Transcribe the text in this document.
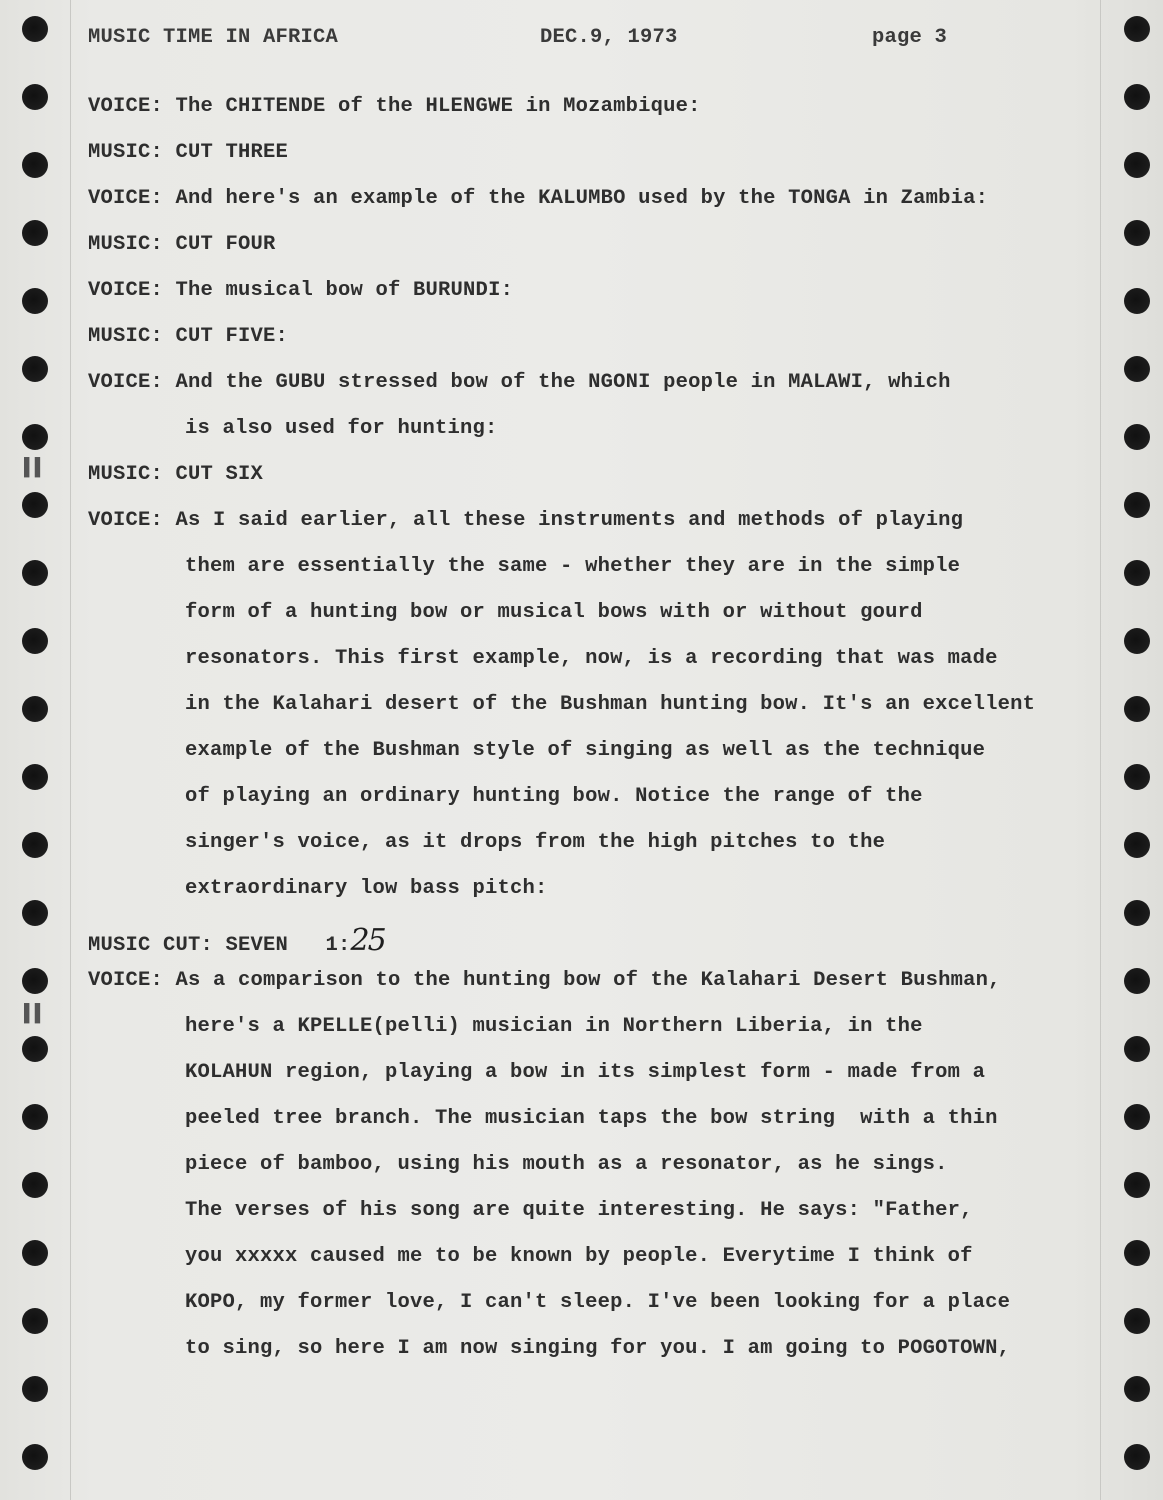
▌▌
▌▌
MUSIC TIME IN AFRICA	DEC.9, 1973	page 3
VOICE: The CHITENDE of the HLENGWE in Mozambique:
MUSIC: CUT THREE
VOICE: And here's an example of the KALUMBO used by the TONGA in Zambia:
MUSIC: CUT FOUR
VOICE: The musical bow of BURUNDI:
MUSIC: CUT FIVE:
VOICE: And the GUBU stressed bow of the NGONI people in MALAWI, which
is also used for hunting:
MUSIC: CUT SIX
VOICE: As I said earlier, all these instruments and methods of playing
them are essentially the same - whether they are in the simple
form of a hunting bow or musical bows with or without gourd
resonators. This first example, now, is a recording that was made
in the Kalahari desert of the Bushman hunting bow. It's an excellent
example of the Bushman style of singing as well as the technique
of playing an ordinary hunting bow. Notice the range of the
singer's voice, as it drops from the high pitches to the
extraordinary low bass pitch:
MUSIC CUT: SEVEN   1:25
VOICE: As a comparison to the hunting bow of the Kalahari Desert Bushman,
here's a KPELLE(pelli) musician in Northern Liberia, in the
KOLAHUN region, playing a bow in its simplest form - made from a
peeled tree branch. The musician taps the bow string  with a thin
piece of bamboo, using his mouth as a resonator, as he sings.
The verses of his song are quite interesting. He says: "Father,
you xxxxx caused me to be known by people. Everytime I think of
KOPO, my former love, I can't sleep. I've been looking for a place
to sing, so here I am now singing for you. I am going to POGOTOWN,
